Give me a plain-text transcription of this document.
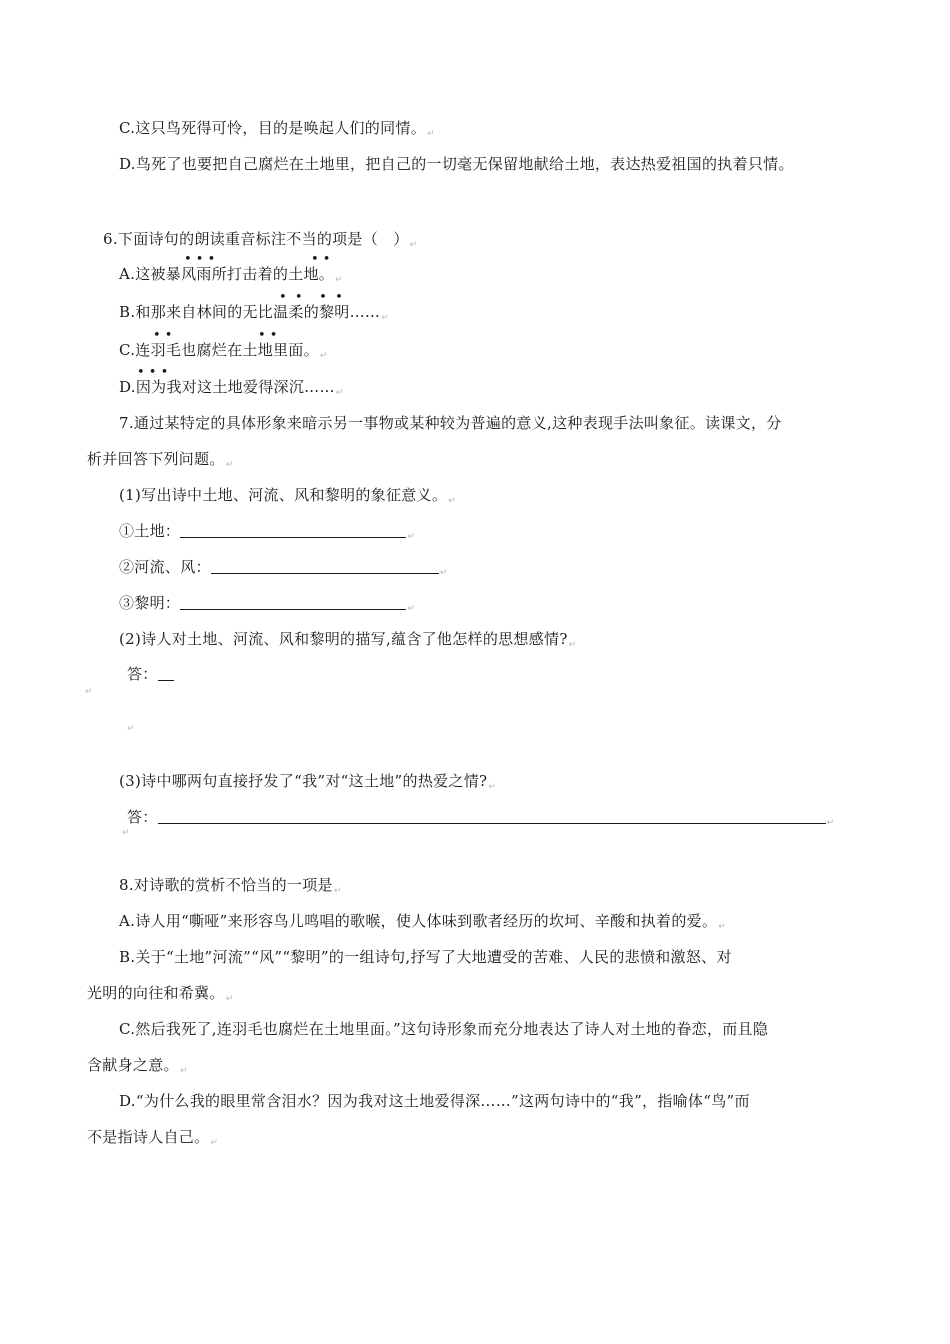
C.这只鸟死得可怜，目的是唤起人们的同情。$_↵$
D.鸟死了也要把自己腐烂在土地里，把自己的一切毫无保留地献给土地，表达热爱祖国的执着只情。
6.下面诗句的朗读重音标注不当的项是（　）$_↵$
• • •	• •
A.这被暴风雨所打击着的土地。$_↵$
•  •    •  •
B.和那来自林间的无比温柔的黎明$\dots\dots_↵$
• •	• •
C.连羽毛也腐烂在土地里面。$_↵$
• • •
D.因为我对这土地爱得深沉$\dots\dots_↵$
7.通过某特定的具体形象来暗示另一事物或某种较为普遍的意义,这种表现手法叫象征。读课文，分
析并回答下列问题。$_↵$
(1)写出诗中土地、河流、风和黎明的象征意义。$_↵$
①土地：	$_↵$
②河流、风：	$_↵$
③黎明：	$_↵$
(2)诗人对土地、河流、风和黎明的描写,蕴含了他怎样的思想感情$?_↵$
答：
↵
↵
(3)诗中哪两句直接抒发了“我”对“这土地”的热爱之情$?_↵$
答：	$_↵$
↵
8.对诗歌的赏析不恰当的一项是$_↵$
A.诗人用“嘶哑”来形容鸟儿鸣唱的歌喉，使人体味到歌者经历的坎坷、辛酸和执着的爱。$_↵$
B.关于“土地”河流”“风”“黎明”的一组诗句,抒写了大地遭受的苦难、人民的悲愤和激怒、对
光明的向往和希冀。$_↵$
C.然后我死了,连羽毛也腐烂在土地里面。”这句诗形象而充分地表达了诗人对土地的眷恋，而且隐
含献身之意。$_↵$
D.“为什么我的眼里常含泪水？因为我对这土地爱得深……”这两句诗中的“我”，指喻体“鸟”而
不是指诗人自己。$_↵$
